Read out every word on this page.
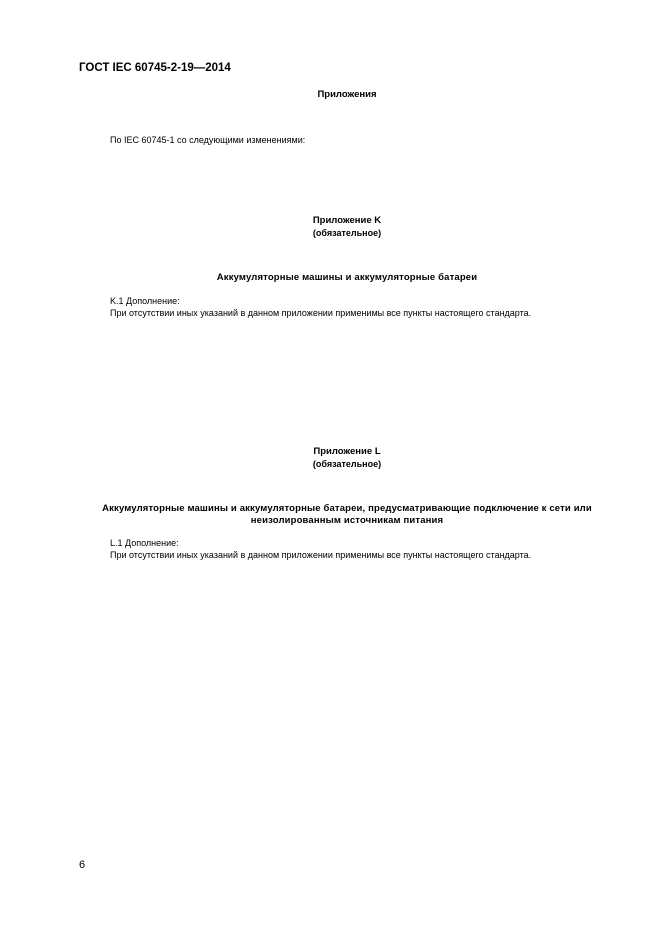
ГОСТ IEC 60745-2-19—2014
Приложения
По IEC 60745-1 со следующими изменениями:
Приложение K
(обязательное)
Аккумуляторные машины и аккумуляторные батареи
K.1 Дополнение:
При отсутствии иных указаний в данном приложении применимы все пункты настоящего стандарта.
Приложение L
(обязательное)
Аккумуляторные машины и аккумуляторные батареи, предусматривающие подключение к сети или
неизолированным источникам питания
L.1 Дополнение:
При отсутствии иных указаний в данном приложении применимы все пункты настоящего стандарта.
6
